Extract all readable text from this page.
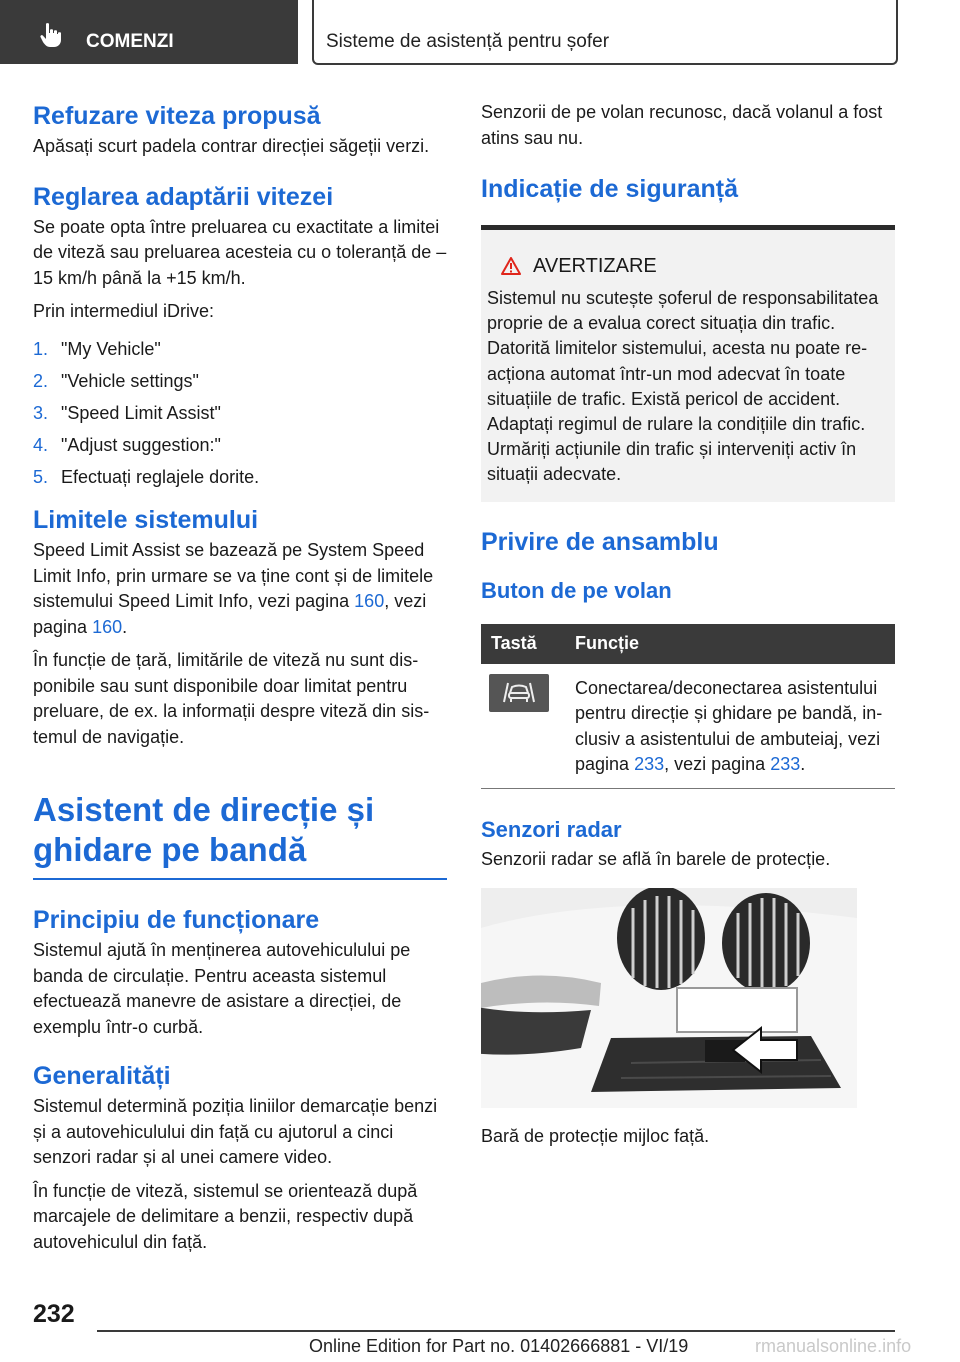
COMENZI	Sisteme de asistență pentru șofer
Refuzare viteza propusă

Apăsați scurt padela contrar direcției săgeții verzi.

Reglarea adaptării vitezei

Se poate opta între preluarea cu exactitate a limitei de viteză sau preluarea acesteia cu o toleranță de –15 km/h până la +15 km/h.

Prin intermediul iDrive:

1. "My Vehicle"
2. "Vehicle settings"
3. "Speed Limit Assist"
4. "Adjust suggestion:"
5. Efectuați reglajele dorite.
Limitele sistemului

Speed Limit Assist se bazează pe System Speed Limit Info, prin urmare se va ține cont și de limitele sistemului Speed Limit Info, vezi pagina 160, vezi pagina 160.

În funcție de țară, limitările de viteză nu sunt disponibile sau sunt disponibile doar limitat pentru preluare, de ex. la informații despre viteză din sistemul de navigație.

Asistent de direcție și
ghidare pe bandă
Principiu de funcționare

Sistemul ajută în menținerea autovehiculului pe banda de circulație. Pentru aceasta sistemul efectuează manevre de asistare a direcției, de exemplu într-o curbă.

Generalități

Sistemul determină poziția liniilor demarcație benzi și a autovehiculului din față cu ajutorul a cinci senzori radar și al unei camere video.

În funcție de viteză, sistemul se orientează după marcajele de delimitare a benzii, respectiv după autovehiculul din față.

Senzorii de pe volan recunosc, dacă volanul a fost atins sau nu.

Indicație de siguranță
AVERTIZARE

Sistemul nu scutește șoferul de responsabilitatea proprie de a evalua corect situația din trafic. Datorită limitelor sistemului, acesta nu poate reacționa automat într-un mod adecvat în toate situațiile de trafic. Există pericol de accident. Adaptați regimul de rulare la condițiile din trafic. Urmăriți acțiunile din trafic și interveniți activ în situații adecvate.

Privire de ansamblu
Buton de pe volan
Tastă	Funcție

	Conectarea/deconectarea asistentului pentru direcție și ghidare pe bandă, inclusiv a asistentului de ambuteiaj, vezi pagina 233, vezi pagina 233.
Senzori radar

Senzorii radar se află în barele de protecție.

Bară de protecție mijloc față.

232
Online Edition for Part no. 01402666881 - VI/19	rmanualsonline.info
